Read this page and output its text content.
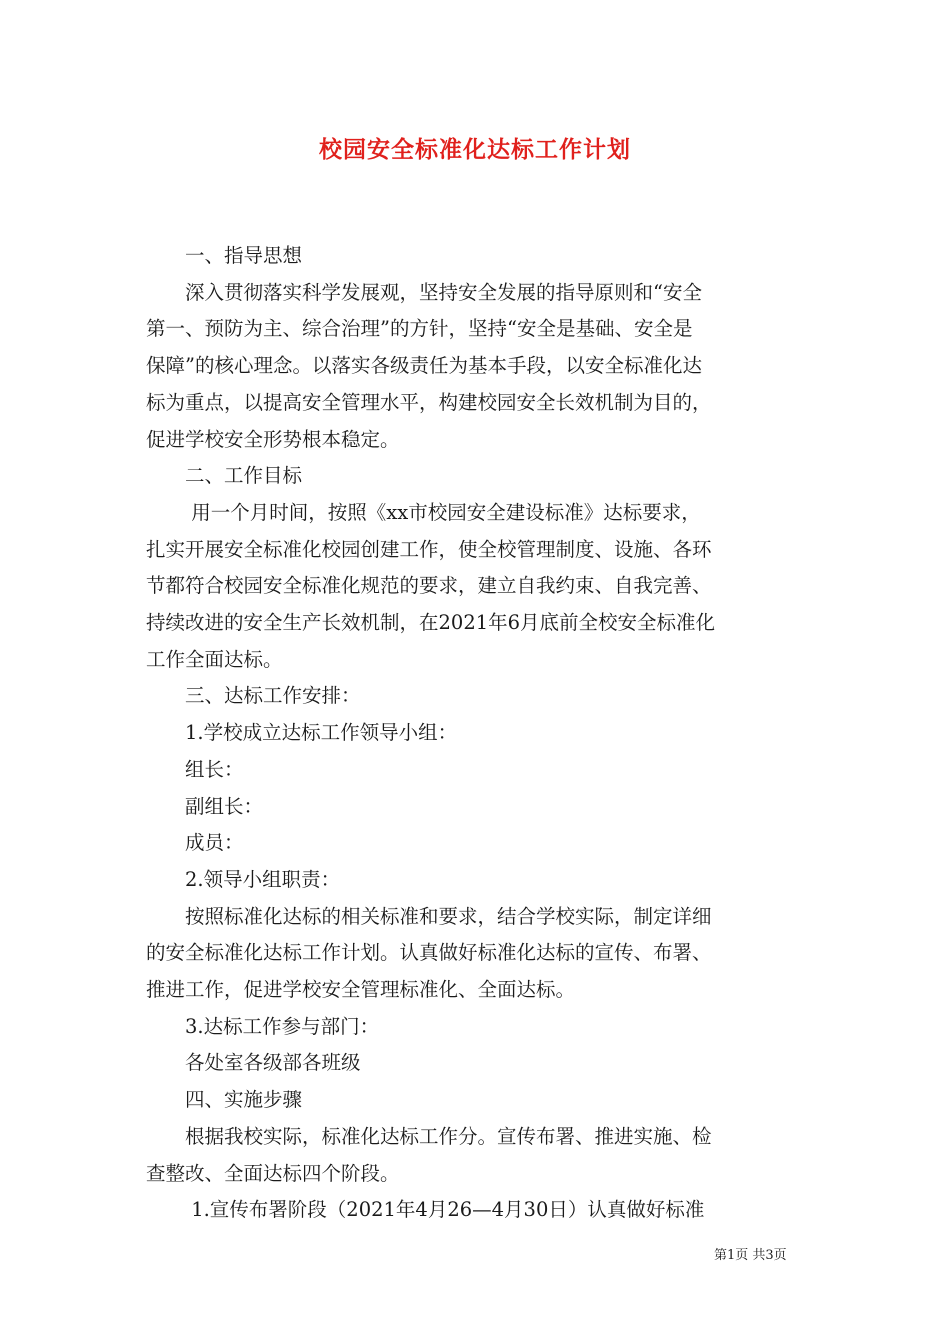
校园安全标准化达标工作计划

　　一、指导思想

　　深入贯彻落实科学发展观，坚持安全发展的指导原则和“安全

第一、预防为主、综合治理”的方针，坚持“安全是基础、安全是

保障”的核心理念。以落实各级责任为基本手段，以安全标准化达

标为重点，以提高安全管理水平，构建校园安全长效机制为目的，

促进学校安全形势根本稳定。

　　二、工作目标

　　 用一个月时间，按照《xx市校园安全建设标准》达标要求，

扎实开展安全标准化校园创建工作，使全校管理制度、设施、各环

节都符合校园安全标准化规范的要求，建立自我约束、自我完善、

持续改进的安全生产长效机制，在2021年6月底前全校安全标准化

工作全面达标。

　　三、达标工作安排：

　　1.学校成立达标工作领导小组：

　　组长：

　　副组长：

　　成员：

　　2.领导小组职责：

　　按照标准化达标的相关标准和要求，结合学校实际，制定详细

的安全标准化达标工作计划。认真做好标准化达标的宣传、布署、

推进工作，促进学校安全管理标准化、全面达标。

　　3.达标工作参与部门：

　　各处室各级部各班级

　　四、实施步骤

　　根据我校实际，标准化达标工作分。宣传布署、推进实施、检

查整改、全面达标四个阶段。

　　 1.宣传布署阶段（2021年4月26—4月30日）认真做好标准

第1页 共3页
